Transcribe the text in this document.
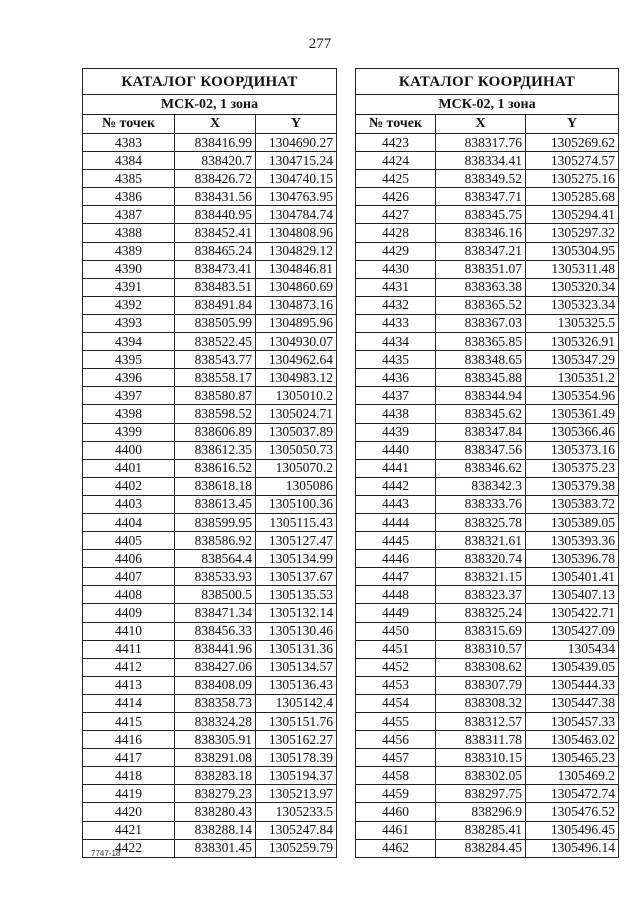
277
КАТАЛОГ КООРДИНАТ		
МСК-02, 1 зона		
№ точек	X	Y
4383	838416.99	1304690.27
4384	838420.7	1304715.24
4385	838426.72	1304740.15
4386	838431.56	1304763.95
4387	838440.95	1304784.74
4388	838452.41	1304808.96
4389	838465.24	1304829.12
4390	838473.41	1304846.81
4391	838483.51	1304860.69
4392	838491.84	1304873.16
4393	838505.99	1304895.96
4394	838522.45	1304930.07
4395	838543.77	1304962.64
4396	838558.17	1304983.12
4397	838580.87	1305010.2
4398	838598.52	1305024.71
4399	838606.89	1305037.89
4400	838612.35	1305050.73
4401	838616.52	1305070.2
4402	838618.18	1305086
4403	838613.45	1305100.36
4404	838599.95	1305115.43
4405	838586.92	1305127.47
4406	838564.4	1305134.99
4407	838533.93	1305137.67
4408	838500.5	1305135.53
4409	838471.34	1305132.14
4410	838456.33	1305130.46
4411	838441.96	1305131.36
4412	838427.06	1305134.57
4413	838408.09	1305136.43
4414	838358.73	1305142.4
4415	838324.28	1305151.76
4416	838305.91	1305162.27
4417	838291.08	1305178.39
4418	838283.18	1305194.37
4419	838279.23	1305213.97
4420	838280.43	1305233.5
4421	838288.14	1305247.84
4422	838301.45	1305259.79
КАТАЛОГ КООРДИНАТ		
МСК-02, 1 зона		
№ точек	X	Y
4423	838317.76	1305269.62
4424	838334.41	1305274.57
4425	838349.52	1305275.16
4426	838347.71	1305285.68
4427	838345.75	1305294.41
4428	838346.16	1305297.32
4429	838347.21	1305304.95
4430	838351.07	1305311.48
4431	838363.38	1305320.34
4432	838365.52	1305323.34
4433	838367.03	1305325.5
4434	838365.85	1305326.91
4435	838348.65	1305347.29
4436	838345.88	1305351.2
4437	838344.94	1305354.96
4438	838345.62	1305361.49
4439	838347.84	1305366.46
4440	838347.56	1305373.16
4441	838346.62	1305375.23
4442	838342.3	1305379.38
4443	838333.76	1305383.72
4444	838325.78	1305389.05
4445	838321.61	1305393.36
4446	838320.74	1305396.78
4447	838321.15	1305401.41
4448	838323.37	1305407.13
4449	838325.24	1305422.71
4450	838315.69	1305427.09
4451	838310.57	1305434
4452	838308.62	1305439.05
4453	838307.79	1305444.33
4454	838308.32	1305447.38
4455	838312.57	1305457.33
4456	838311.78	1305463.02
4457	838310.15	1305465.23
4458	838302.05	1305469.2
4459	838297.75	1305472.74
4460	838296.9	1305476.52
4461	838285.41	1305496.45
4462	838284.45	1305496.14
7747-18
